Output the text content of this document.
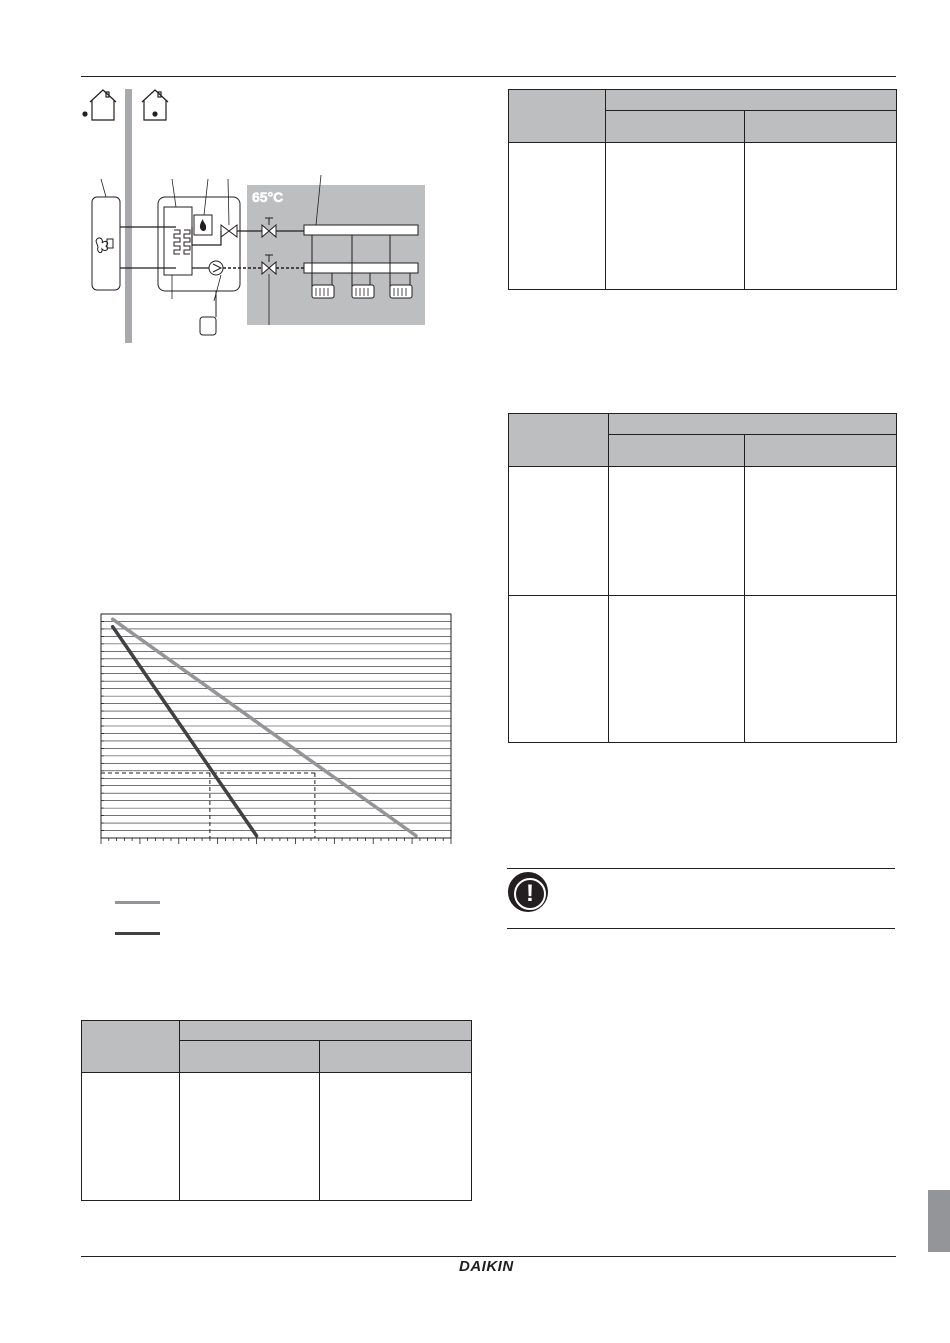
65°C

!
DAIKIN
